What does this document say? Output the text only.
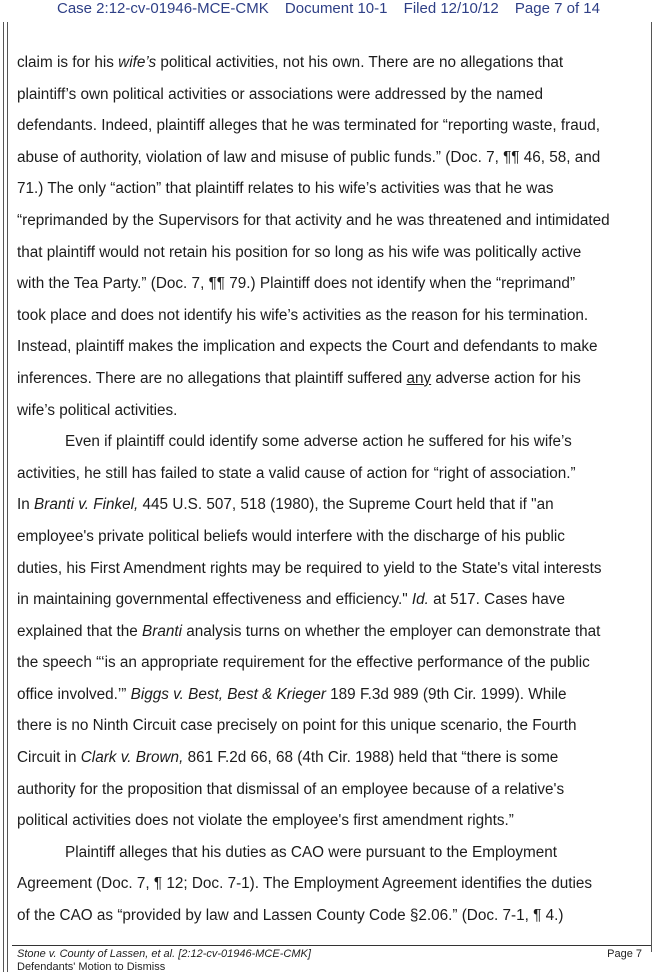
Case 2:12-cv-01946-MCE-CMK Document 10-1 Filed 12/10/12 Page 7 of 14
claim is for his wife’s political activities, not his own. There are no allegations that
plaintiff’s own political activities or associations were addressed by the named
defendants. Indeed, plaintiff alleges that he was terminated for “reporting waste, fraud,
abuse of authority, violation of law and misuse of public funds.” (Doc. 7, ¶¶ 46, 58, and
71.) The only “action” that plaintiff relates to his wife’s activities was that he was
“reprimanded by the Supervisors for that activity and he was threatened and intimidated
that plaintiff would not retain his position for so long as his wife was politically active
with the Tea Party.” (Doc. 7, ¶¶ 79.) Plaintiff does not identify when the “reprimand”
took place and does not identify his wife’s activities as the reason for his termination.
Instead, plaintiff makes the implication and expects the Court and defendants to make
inferences. There are no allegations that plaintiff suffered any adverse action for his
wife’s political activities.
Even if plaintiff could identify some adverse action he suffered for his wife’s
activities, he still has failed to state a valid cause of action for “right of association.”
In Branti v. Finkel, 445 U.S. 507, 518 (1980), the Supreme Court held that if "an
employee's private political beliefs would interfere with the discharge of his public
duties, his First Amendment rights may be required to yield to the State's vital interests
in maintaining governmental effectiveness and efficiency." Id. at 517. Cases have
explained that the Branti analysis turns on whether the employer can demonstrate that
the speech “‘is an appropriate requirement for the effective performance of the public
office involved.’” Biggs v. Best, Best & Krieger 189 F.3d 989 (9th Cir. 1999). While
there is no Ninth Circuit case precisely on point for this unique scenario, the Fourth
Circuit in Clark v. Brown, 861 F.2d 66, 68 (4th Cir. 1988) held that “there is some
authority for the proposition that dismissal of an employee because of a relative's
political activities does not violate the employee's first amendment rights.”
Plaintiff alleges that his duties as CAO were pursuant to the Employment
Agreement (Doc. 7, ¶ 12; Doc. 7-1). The Employment Agreement identifies the duties
of the CAO as “provided by law and Lassen County Code §2.06.” (Doc. 7-1, ¶ 4.)
Stone v. County of Lassen, et al. [2:12-cv-01946-MCE-CMK]
Defendants' Motion to Dismiss
Page 7
